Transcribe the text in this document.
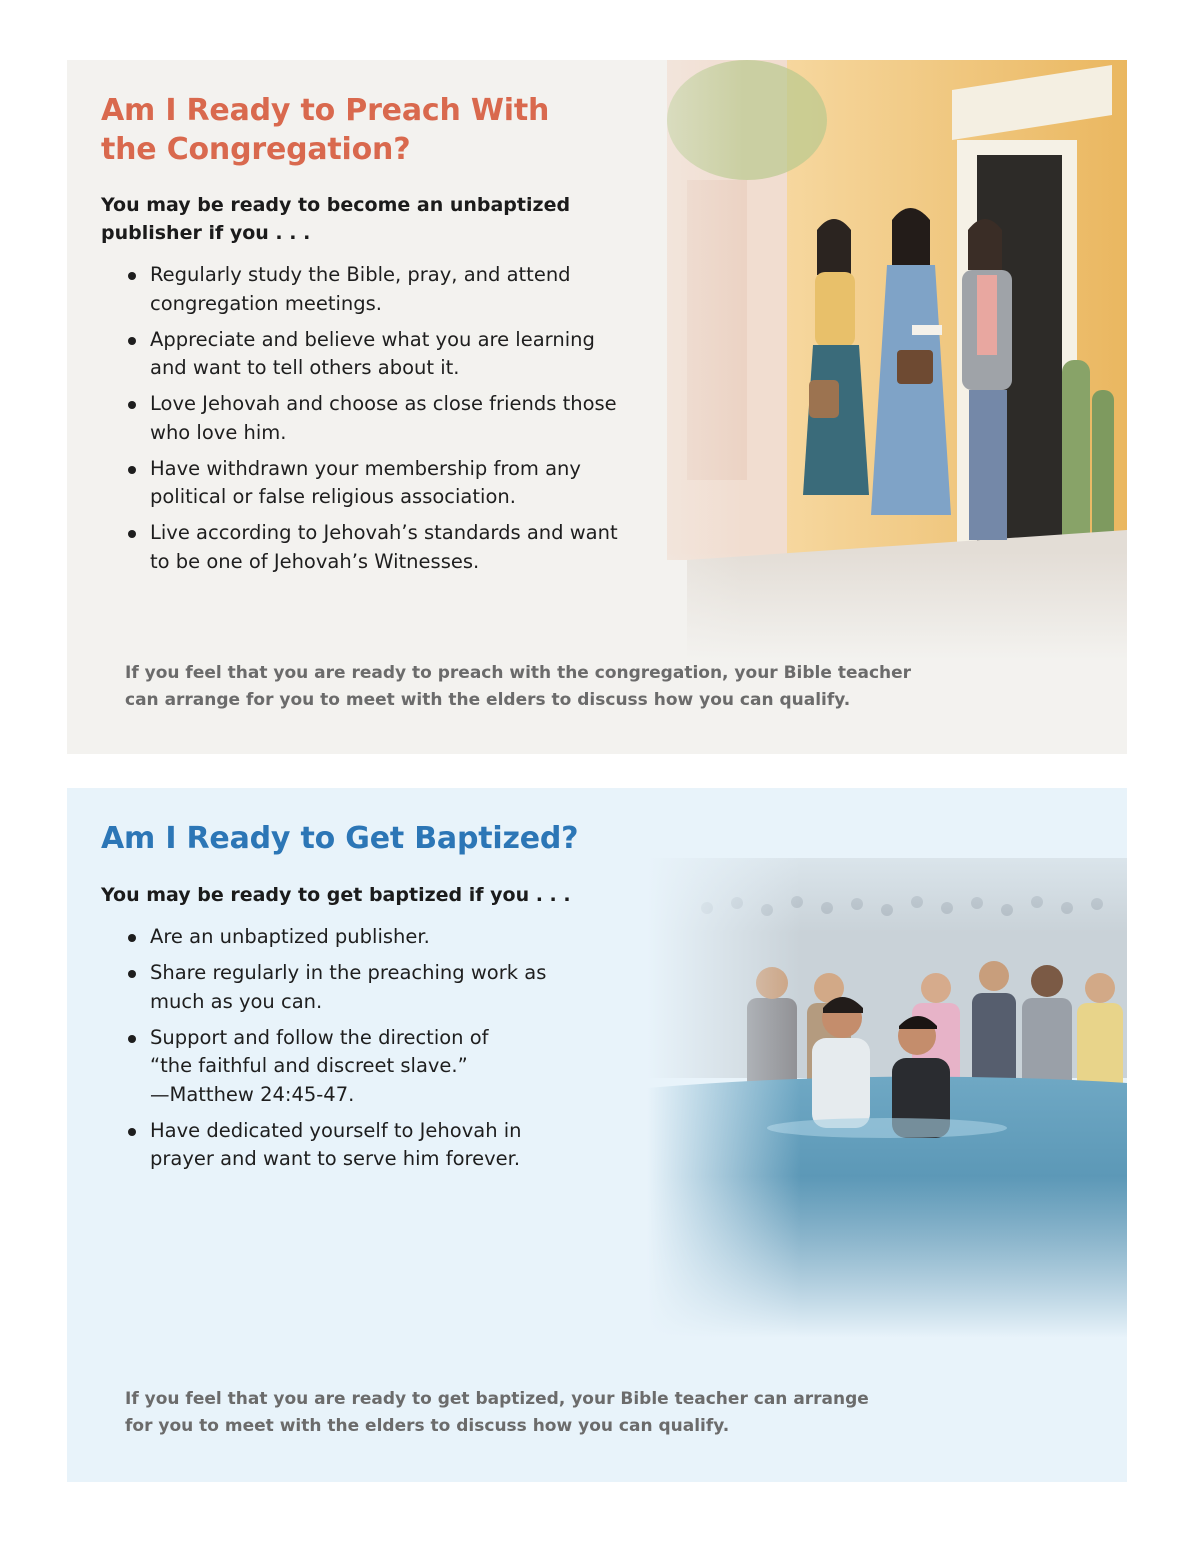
Am I Ready to Preach With
the Congregation?

You may be ready to become an unbaptized
publisher if you . . .

Regularly study the Bible, pray, and attend congregation meetings.
Appreciate and believe what you are learning and want to tell others about it.
Love Jehovah and choose as close friends those who love him.
Have withdrawn your membership from any political or false religious association.
Live according to Jehovah’s standards and want to be one of Jehovah’s Witnesses.

If you feel that you are ready to preach with the congregation, your Bible teacher
can arrange for you to meet with the elders to discuss how you can qualify.

Am I Ready to Get Baptized?

You may be ready to get baptized if you . . .

Are an unbaptized publisher.
Share regularly in the preaching work as much as you can.
Support and follow the direction of
“the faithful and discreet slave.”
—Matthew 24:45-47.
Have dedicated yourself to Jehovah in prayer and want to serve him forever.

If you feel that you are ready to get baptized, your Bible teacher can arrange
for you to meet with the elders to discuss how you can qualify.
